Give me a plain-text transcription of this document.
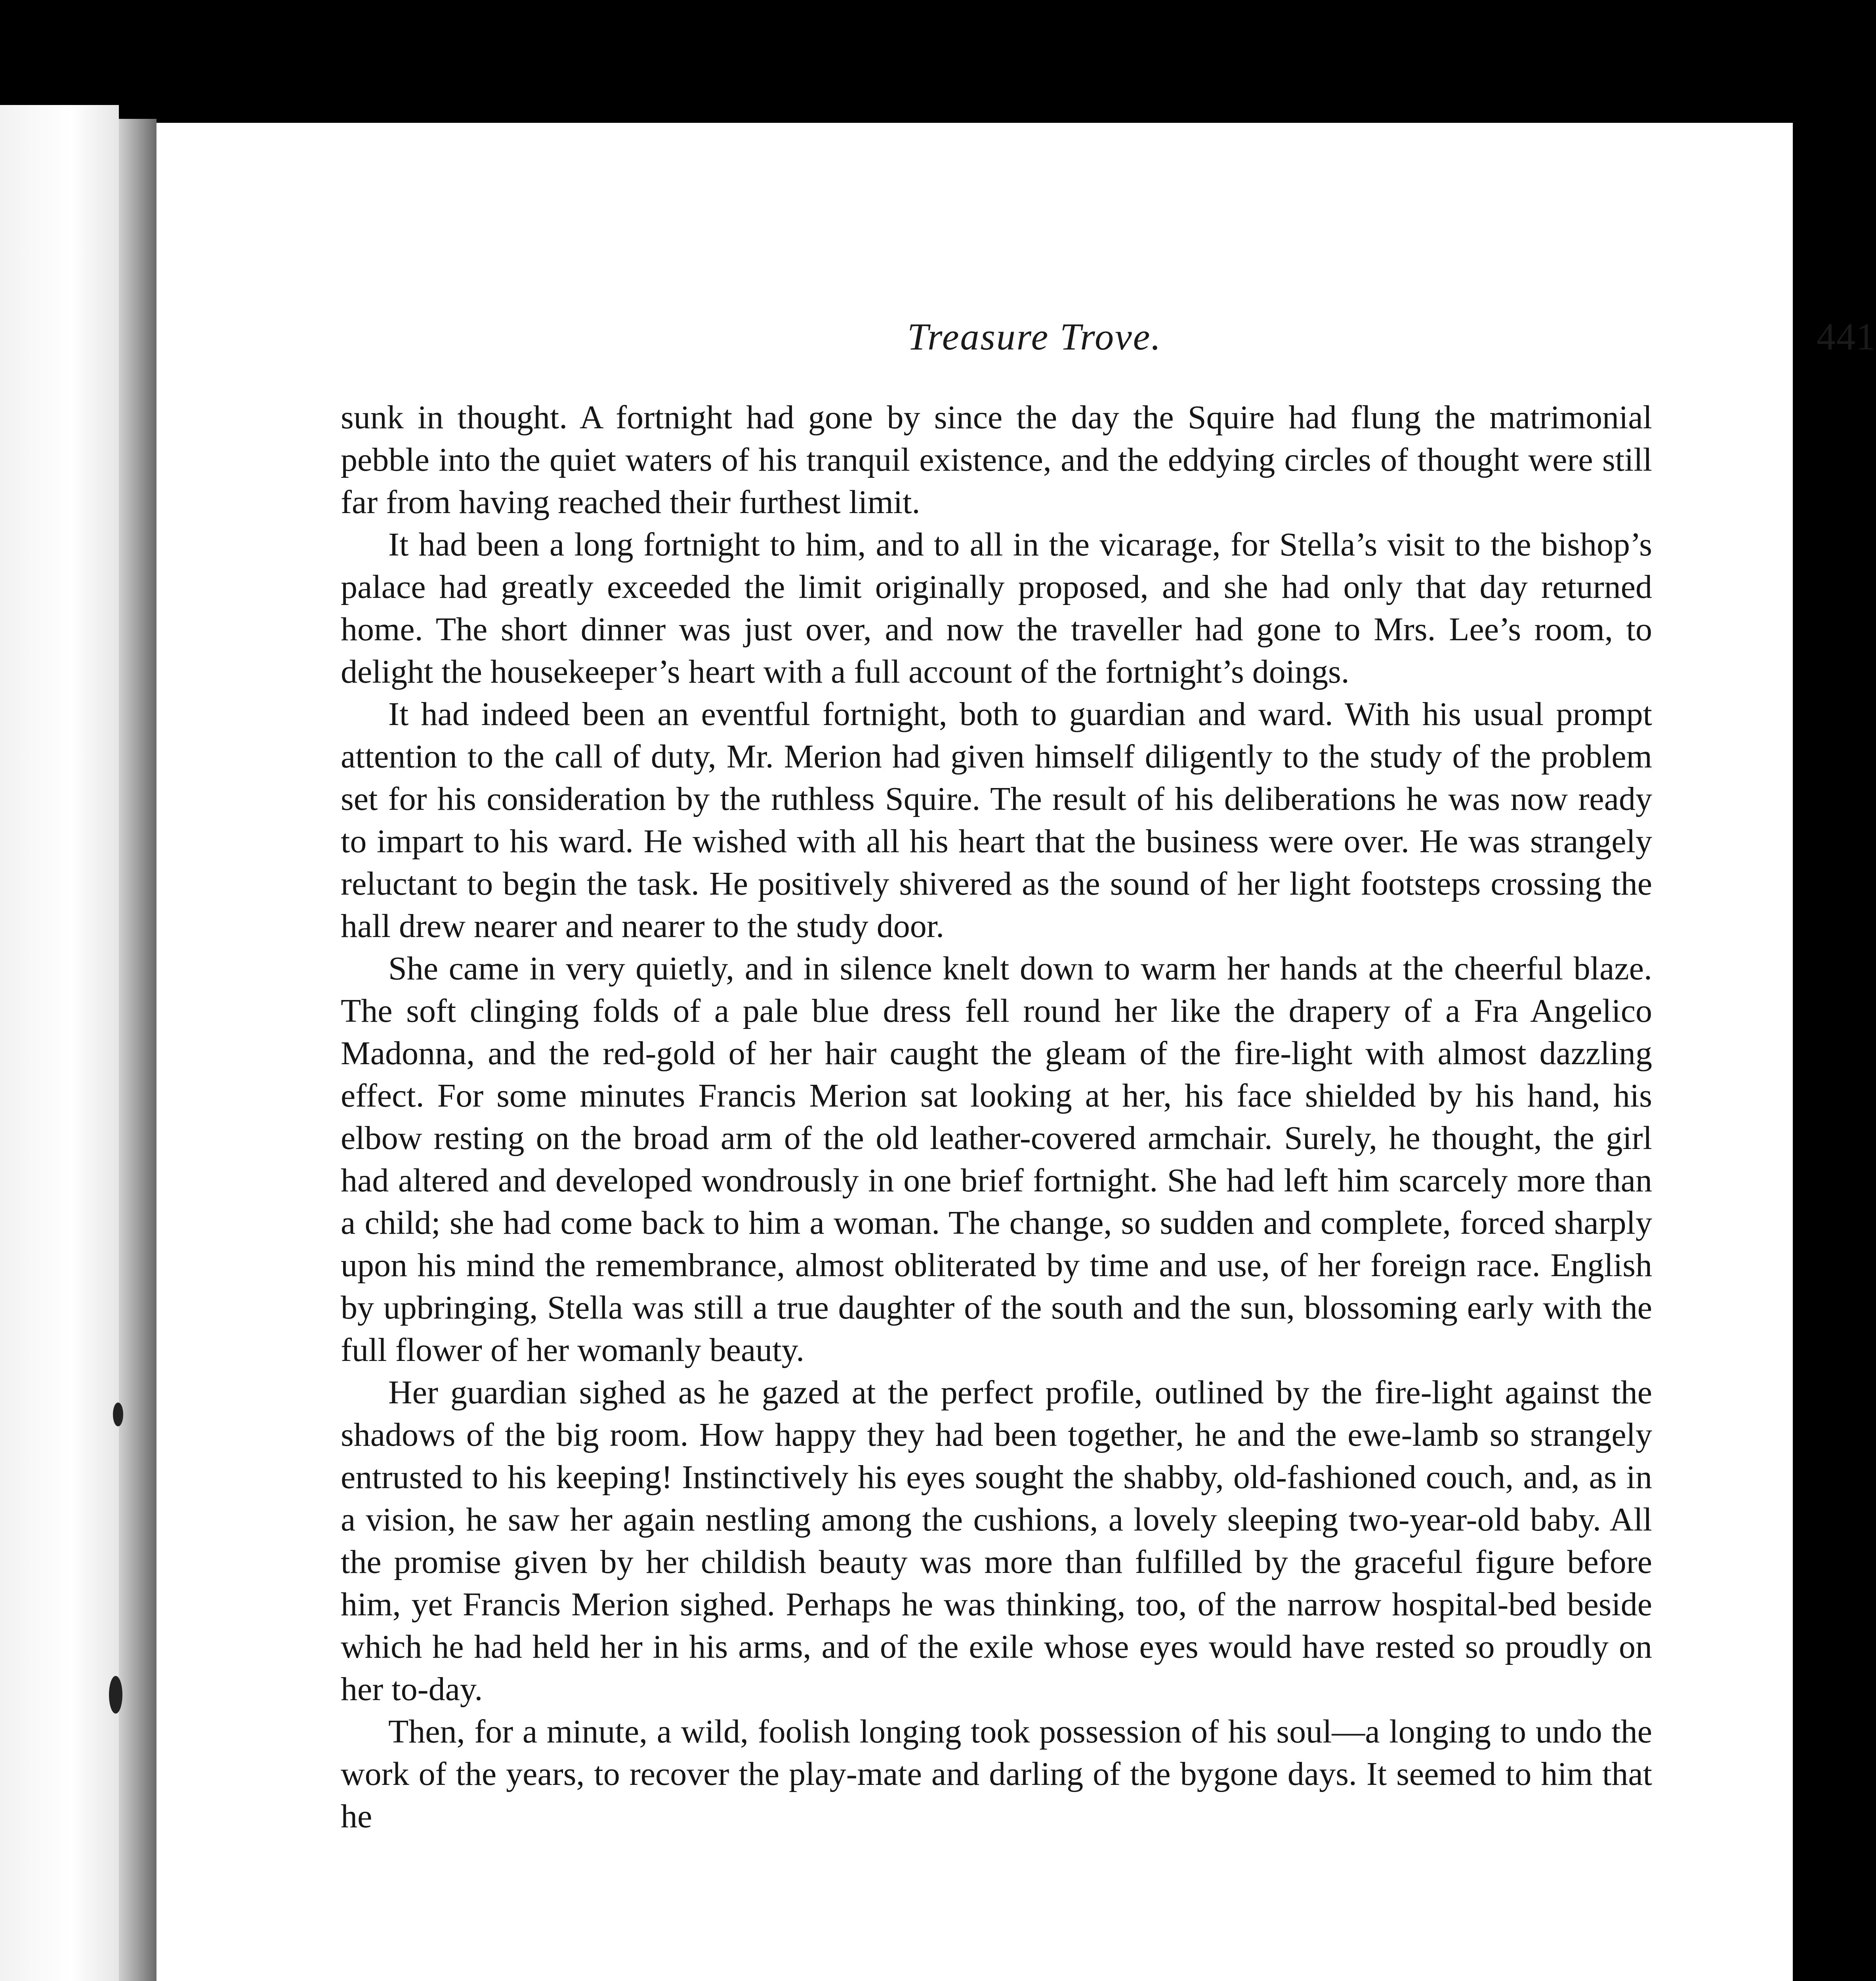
Treasure Trove.	441

sunk in thought. A fortnight had gone by since the day the Squire had flung the matrimonial pebble into the quiet waters of his tranquil existence, and the eddying circles of thought were still far from having reached their furthest limit.

It had been a long fortnight to him, and to all in the vicarage, for Stella’s visit to the bishop’s palace had greatly exceeded the limit originally proposed, and she had only that day returned home. The short dinner was just over, and now the traveller had gone to Mrs. Lee’s room, to delight the housekeeper’s heart with a full account of the fortnight’s doings.

It had indeed been an eventful fortnight, both to guardian and ward. With his usual prompt attention to the call of duty, Mr. Merion had given himself diligently to the study of the problem set for his consideration by the ruthless Squire. The result of his deliberations he was now ready to impart to his ward. He wished with all his heart that the business were over. He was strangely reluctant to begin the task. He positively shivered as the sound of her light footsteps crossing the hall drew nearer and nearer to the study door.

She came in very quietly, and in silence knelt down to warm her hands at the cheerful blaze. The soft clinging folds of a pale blue dress fell round her like the drapery of a Fra Angelico Madonna, and the red-gold of her hair caught the gleam of the fire-light with almost dazzling effect. For some minutes Francis Merion sat looking at her, his face shielded by his hand, his elbow resting on the broad arm of the old leather-covered armchair. Surely, he thought, the girl had altered and developed wondrously in one brief fortnight. She had left him scarcely more than a child; she had come back to him a woman. The change, so sudden and complete, forced sharply upon his mind the remembrance, almost obliterated by time and use, of her foreign race. English by upbringing, Stella was still a true daughter of the south and the sun, blossoming early with the full flower of her womanly beauty.

Her guardian sighed as he gazed at the perfect profile, outlined by the fire-light against the shadows of the big room. How happy they had been together, he and the ewe-lamb so strangely entrusted to his keeping! Instinctively his eyes sought the shabby, old-fashioned couch, and, as in a vision, he saw her again nestling among the cushions, a lovely sleeping two-year-old baby. All the promise given by her childish beauty was more than fulfilled by the graceful figure before him, yet Francis Merion sighed. Perhaps he was thinking, too, of the narrow hospital-bed beside which he had held her in his arms, and of the exile whose eyes would have rested so proudly on her to-day.

Then, for a minute, a wild, foolish longing took possession of his soul—a longing to undo the work of the years, to recover the play-mate and darling of the bygone days. It seemed to him that he
